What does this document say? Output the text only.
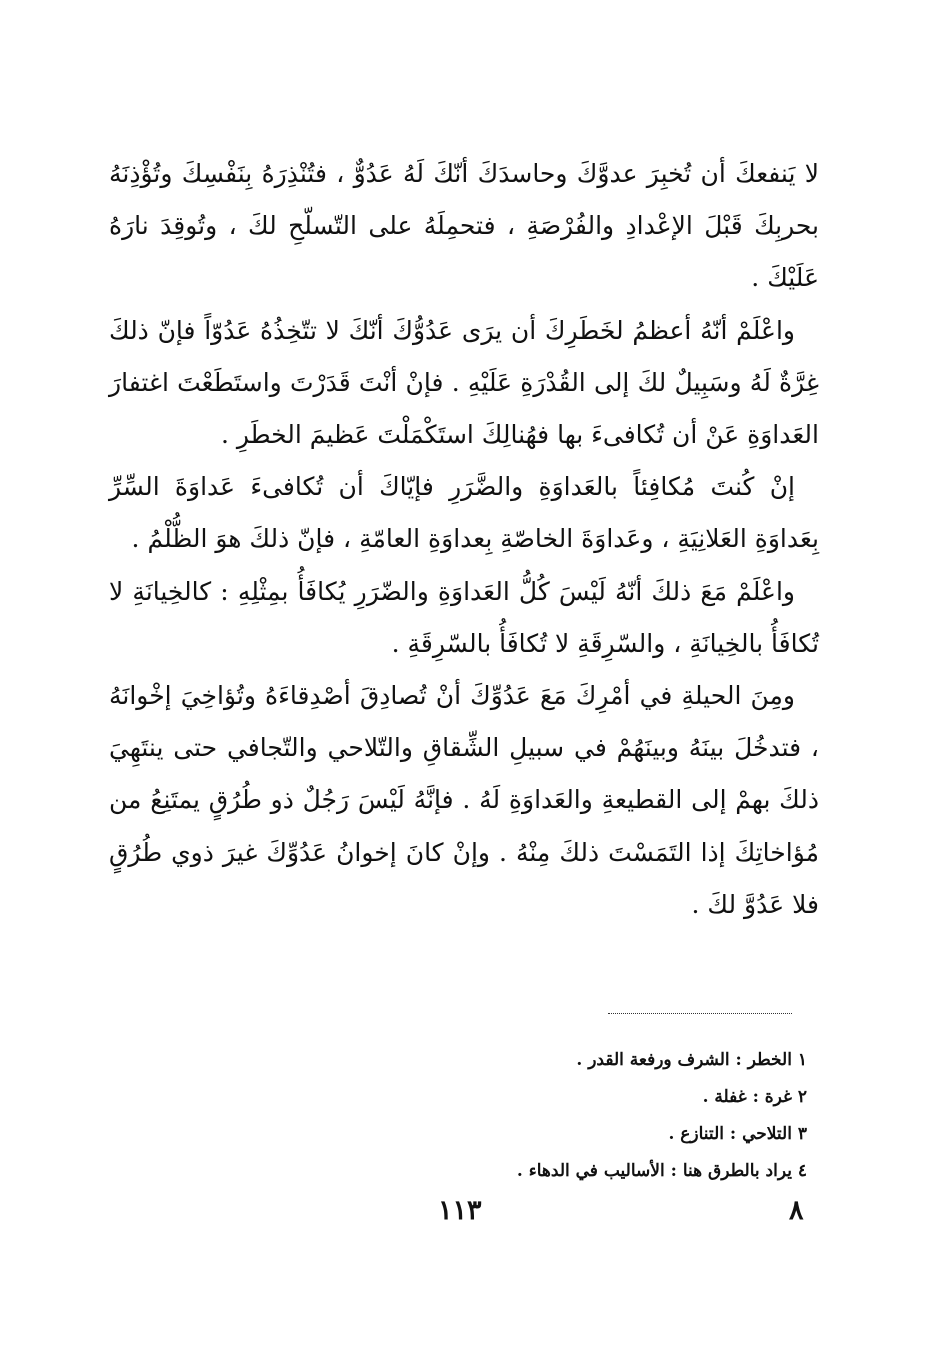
لا يَنفعكَ أن تُخبِرَ عدوَّكَ وحاسدَكَ أنّكَ لَهُ عَدُوٌّ ، فتُنْذِرَهُ بِنَفْسِكَ وتُؤْذِنَهُ بحربِكَ قَبْلَ الإعْدادِ والفُرْصَةِ ، فتحمِلَهُ على التّسلّحِ لكَ ، وتُوقِدَ نارَهُ عَلَيْكَ .

واعْلَمْ أنّهُ أعظمُ لخَطَرِكَ أن يرَى عَدُوُّكَ أنّكَ لا تتّخِذُهُ عَدُوّاً فإنّ ذلكَ غِرَّةٌ لَهُ وسَبِيلٌ لكَ إلى القُدْرَةِ عَلَيْهِ . فإنْ أنْتَ قَدَرْتَ واستَطَعْتَ اغتفارَ العَداوَةِ عَنْ أن تُكافىءَ بها فهُنالِكَ استَكْمَلْتَ عَظيمَ الخطَرِ .

إنْ كُنتَ مُكافِئاً بالعَداوَةِ والضَّرَرِ فإيّاكَ أن تُكافىءَ عَداوَةَ السِّرِّ بِعَداوَةِ العَلانِيَةِ ، وعَداوَةَ الخاصّةِ بِعداوَةِ العامّةِ ، فإنّ ذلكَ هوَ الظُّلْمُ .

واعْلَمْ مَعَ ذلكَ أنّهُ لَيْسَ كُلُّ العَداوَةِ والضّرَرِ يُكافَأُ بمِثْلِهِ : كالخِيانَةِ لا تُكافَأُ بالخِيانَةِ ، والسّرِقَةِ لا تُكافَأُ بالسّرِقَةِ .

ومِنَ الحيلةِ في أمْرِكَ مَعَ عَدُوِّكَ أنْ تُصادِقَ أصْدِقاءَهُ وتُؤاخِيَ إخْوانَهُ ، فتدخُلَ بينَهُ وبينَهُمْ في سبيلِ الشِّقاقِ والتّلاحي والتّجافي حتى ينتَهِيَ ذلكَ بهمْ إلى القطيعةِ والعَداوَةِ لَهُ . فإنَّهُ لَيْسَ رَجُلٌ ذو طُرُقٍ يمتَنِعُ من مُؤاخاتِكَ إذا التَمَسْتَ ذلكَ مِنْهُ . وإنْ كانَ إخوانُ عَدُوِّكَ غيرَ ذوي طُرُقٍ فلا عَدُوَّ لكَ .

١ الخطر : الشرف ورفعة القدر .
٢ غرة : غفلة .
٣ التلاحي : التنازع .
٤ يراد بالطرق هنا : الأساليب في الدهاء .
١١٣	٨
